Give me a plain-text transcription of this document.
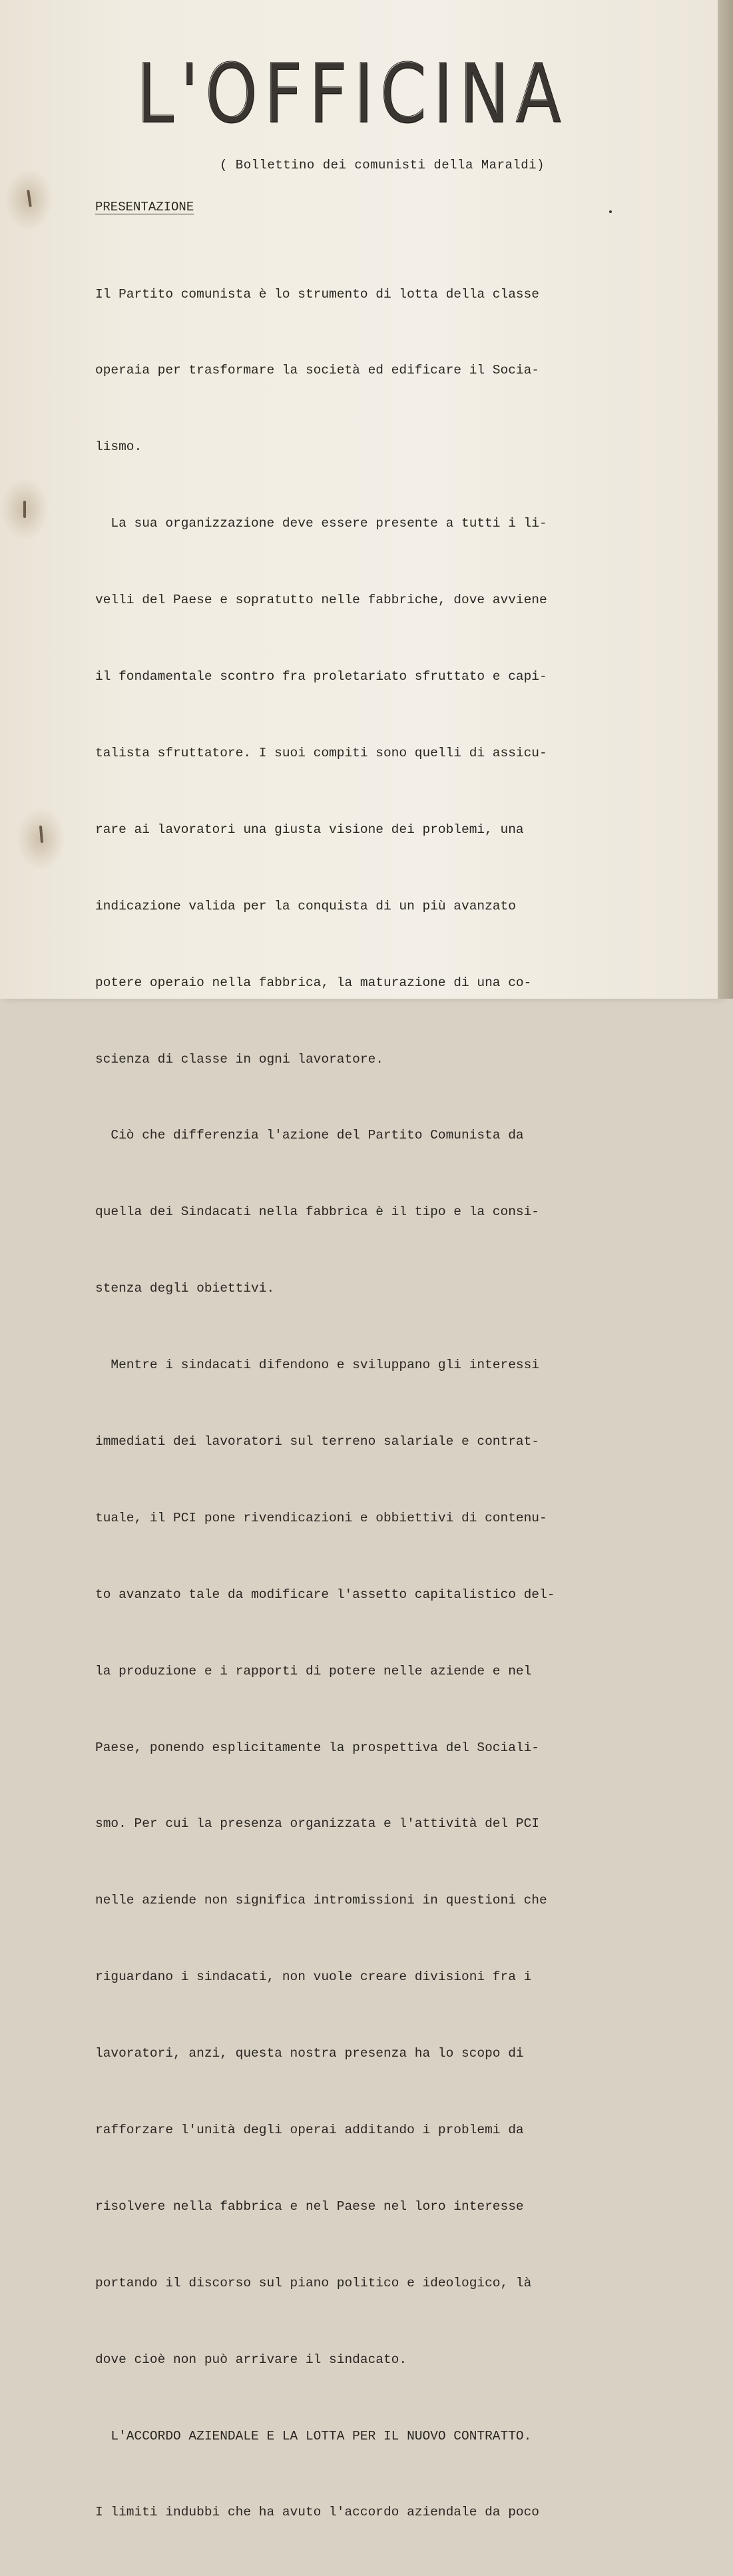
L'OFFICINA
( Bollettino dei comunisti della Maraldi)
PRESENTAZIONE

Il Partito comunista è lo strumento di lotta della classe

operaia per trasformare la società ed edificare il Socia-

lismo.

La sua organizzazione deve essere presente a tutti i li-

velli del Paese e sopratutto nelle fabbriche, dove avviene

il fondamentale scontro fra proletariato sfruttato e capi-

talista sfruttatore. I suoi compiti sono quelli di assicu-

rare ai lavoratori una giusta visione dei problemi, una

indicazione valida per la conquista di un più avanzato

potere operaio nella fabbrica, la maturazione di una co-

scienza di classe in ogni lavoratore.

Ciò che differenzia l'azione del Partito Comunista da

quella dei Sindacati nella fabbrica è il tipo e la consi-

stenza degli obiettivi.

Mentre i sindacati difendono e sviluppano gli interessi

immediati dei lavoratori sul terreno salariale e contrat-

tuale, il PCI pone rivendicazioni e obbiettivi di contenu-

to avanzato tale da modificare l'assetto capitalistico del-

la produzione e i rapporti di potere nelle aziende e nel

Paese, ponendo esplicitamente la prospettiva del Sociali-

smo. Per cui la presenza organizzata e l'attività del PCI

nelle aziende non significa intromissioni in questioni che

riguardano i sindacati, non vuole creare divisioni fra i

lavoratori, anzi, questa nostra presenza ha lo scopo di

rafforzare l'unità degli operai additando i problemi da

risolvere nella fabbrica e nel Paese nel loro interesse

portando il discorso sul piano politico e ideologico, là

dove cioè non può arrivare il sindacato.

L'ACCORDO AZIENDALE E LA LOTTA PER IL NUOVO CONTRATTO.

I limiti indubbi che ha avuto l'accordo aziendale da poco
